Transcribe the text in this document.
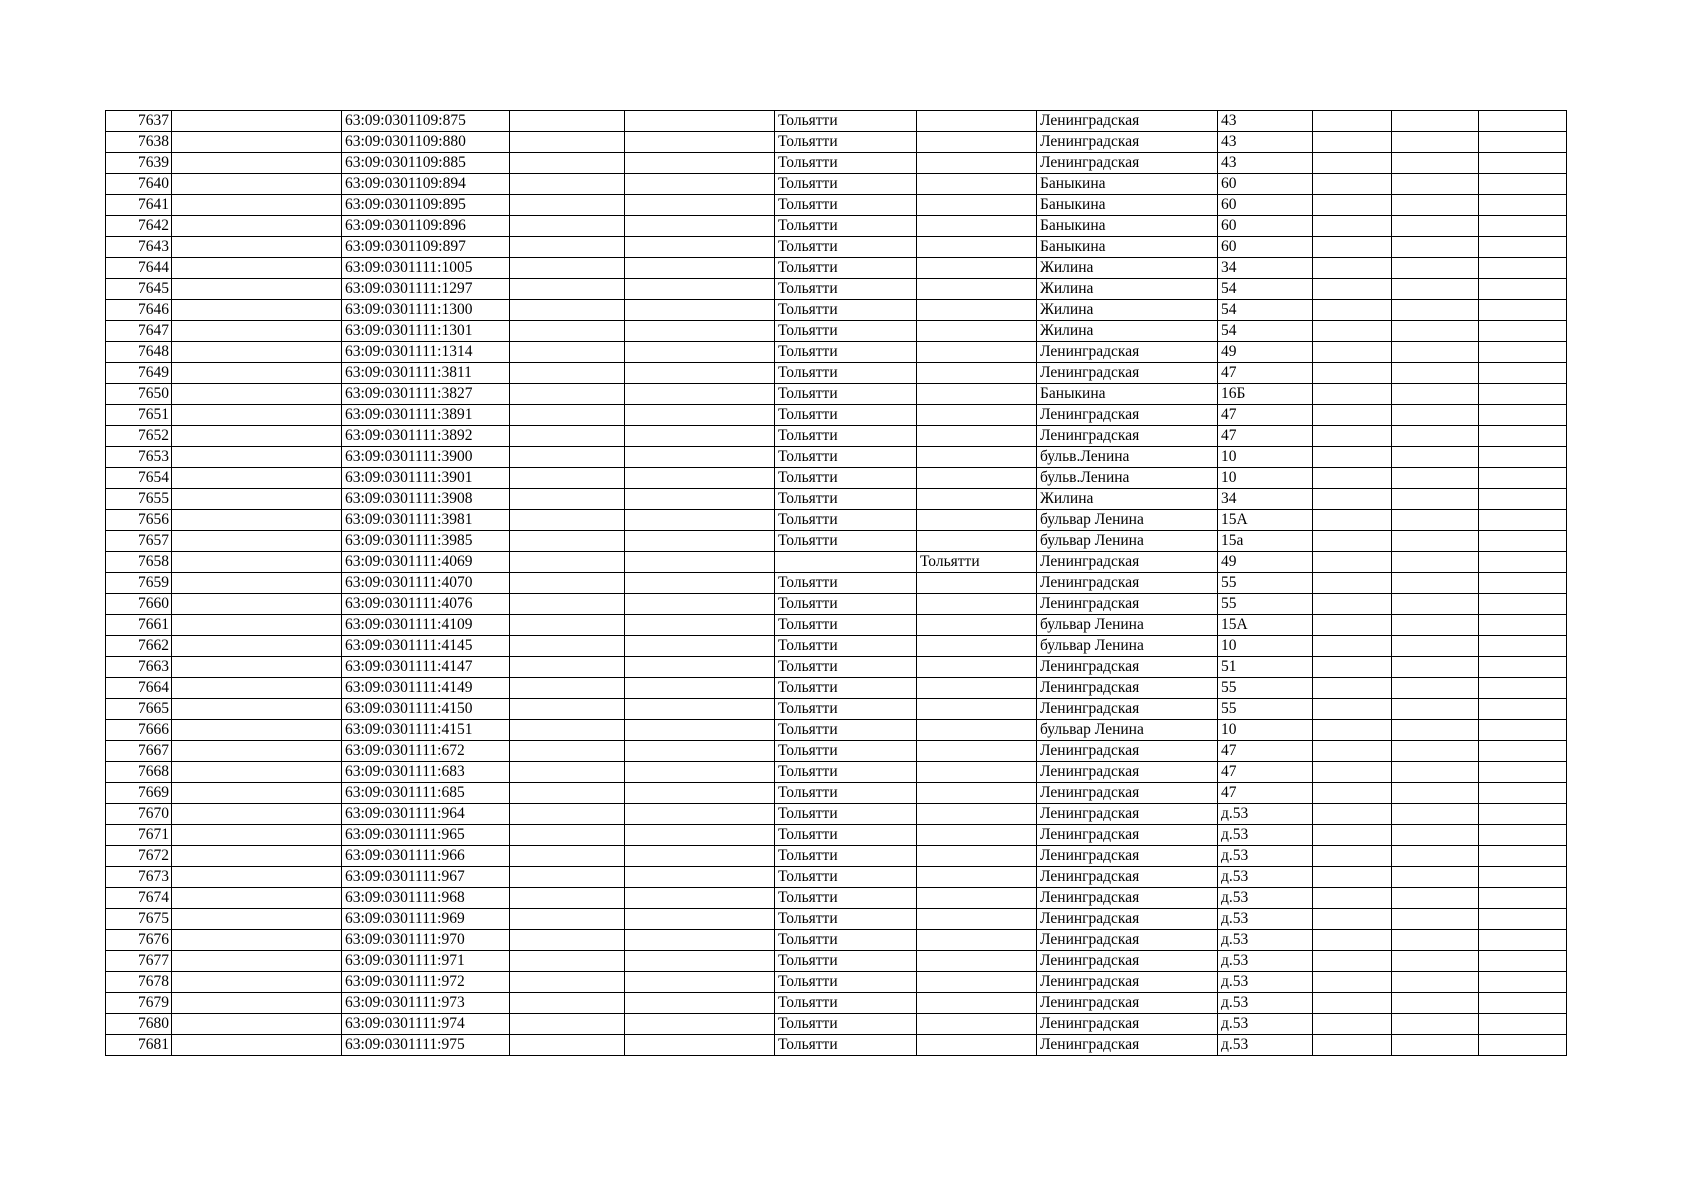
7637		63:09:0301109:875			Тольятти		Ленинградская	43			
7638		63:09:0301109:880			Тольятти		Ленинградская	43			
7639		63:09:0301109:885			Тольятти		Ленинградская	43			
7640		63:09:0301109:894			Тольятти		Баныкина	60			
7641		63:09:0301109:895			Тольятти		Баныкина	60			
7642		63:09:0301109:896			Тольятти		Баныкина	60			
7643		63:09:0301109:897			Тольятти		Баныкина	60			
7644		63:09:0301111:1005			Тольятти		Жилина	34			
7645		63:09:0301111:1297			Тольятти		Жилина	54			
7646		63:09:0301111:1300			Тольятти		Жилина	54			
7647		63:09:0301111:1301			Тольятти		Жилина	54			
7648		63:09:0301111:1314			Тольятти		Ленинградская	49			
7649		63:09:0301111:3811			Тольятти		Ленинградская	47			
7650		63:09:0301111:3827			Тольятти		Баныкина	16Б			
7651		63:09:0301111:3891			Тольятти		Ленинградская	47			
7652		63:09:0301111:3892			Тольятти		Ленинградская	47			
7653		63:09:0301111:3900			Тольятти		бульв.Ленина	10			
7654		63:09:0301111:3901			Тольятти		бульв.Ленина	10			
7655		63:09:0301111:3908			Тольятти		Жилина	34			
7656		63:09:0301111:3981			Тольятти		бульвар Ленина	15А			
7657		63:09:0301111:3985			Тольятти		бульвар Ленина	15а			
7658		63:09:0301111:4069				Тольятти	Ленинградская	49			
7659		63:09:0301111:4070			Тольятти		Ленинградская	55			
7660		63:09:0301111:4076			Тольятти		Ленинградская	55			
7661		63:09:0301111:4109			Тольятти		бульвар Ленина	15А			
7662		63:09:0301111:4145			Тольятти		бульвар Ленина	10			
7663		63:09:0301111:4147			Тольятти		Ленинградская	51			
7664		63:09:0301111:4149			Тольятти		Ленинградская	55			
7665		63:09:0301111:4150			Тольятти		Ленинградская	55			
7666		63:09:0301111:4151			Тольятти		бульвар Ленина	10			
7667		63:09:0301111:672			Тольятти		Ленинградская	47			
7668		63:09:0301111:683			Тольятти		Ленинградская	47			
7669		63:09:0301111:685			Тольятти		Ленинградская	47			
7670		63:09:0301111:964			Тольятти		Ленинградская	д.53			
7671		63:09:0301111:965			Тольятти		Ленинградская	д.53			
7672		63:09:0301111:966			Тольятти		Ленинградская	д.53			
7673		63:09:0301111:967			Тольятти		Ленинградская	д.53			
7674		63:09:0301111:968			Тольятти		Ленинградская	д.53			
7675		63:09:0301111:969			Тольятти		Ленинградская	д.53			
7676		63:09:0301111:970			Тольятти		Ленинградская	д.53			
7677		63:09:0301111:971			Тольятти		Ленинградская	д.53			
7678		63:09:0301111:972			Тольятти		Ленинградская	д.53			
7679		63:09:0301111:973			Тольятти		Ленинградская	д.53			
7680		63:09:0301111:974			Тольятти		Ленинградская	д.53			
7681		63:09:0301111:975			Тольятти		Ленинградская	д.53			
